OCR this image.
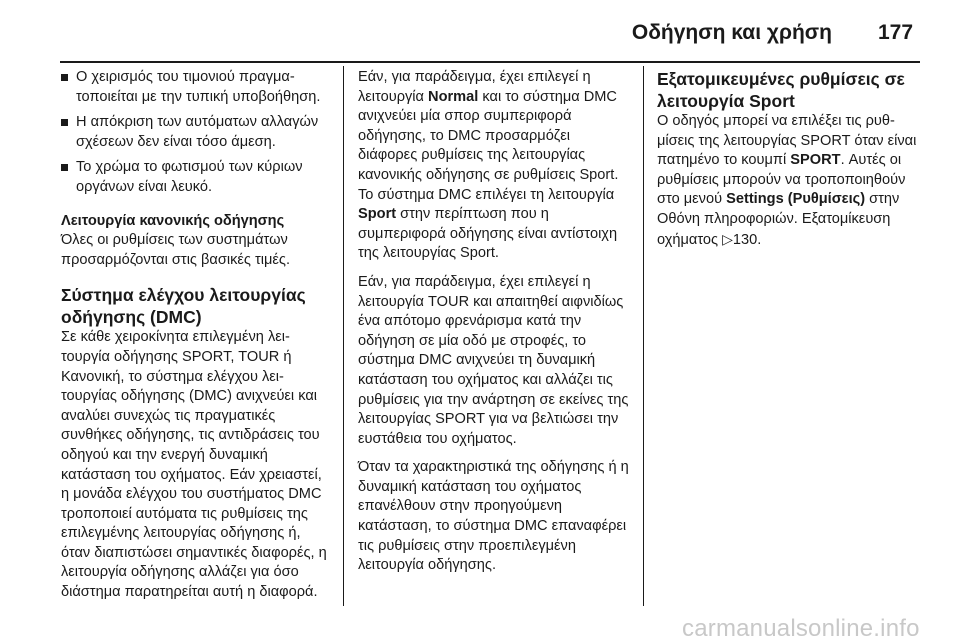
Οδήγηση και χρήση 177
Ο χειρισμός του τιμονιού πραγματοποιείται με την τυπική υποβοήθηση.
Η απόκριση των αυτόματων αλλαγών σχέσεων δεν είναι τόσο άμεση.
Το χρώμα το φωτισμού των κύριων οργάνων είναι λευκό.
Λειτουργία κανονικής οδήγησης

Όλες οι ρυθμίσεις των συστημάτων προσαρμόζονται στις βασικές τιμές.

Σύστημα ελέγχου λειτουργίας οδήγησης (DMC)

Σε κάθε χειροκίνητα επιλεγμένη λειτουργία οδήγησης SPORT, TOUR ή Κανονική, το σύστημα ελέγχου λειτουργίας οδήγησης (DMC) ανιχνεύει και αναλύει συνεχώς τις πραγματικές συνθήκες οδήγησης, τις αντιδράσεις του οδηγού και την ενεργή δυναμική κατάσταση του οχήματος. Εάν χρειαστεί, η μονάδα ελέγχου του συστήματος DMC τροποποιεί αυτόματα τις ρυθμίσεις της επιλεγμένης λειτουργίας οδήγησης ή, όταν διαπιστώσει σημαντικές διαφορές, η λειτουργία οδήγησης αλλάζει για όσο διάστημα παρατηρείται αυτή η διαφορά.

Εάν, για παράδειγμα, έχει επιλεγεί η λειτουργία Normal και το σύστημα DMC ανιχνεύει μία σπορ συμπεριφορά οδήγησης, το DMC προσαρμόζει διάφορες ρυθμίσεις της λειτουργίας κανονικής οδήγησης σε ρυθμίσεις Sport. Το σύστημα DMC επιλέγει τη λειτουργία Sport στην περίπτωση που η συμπεριφορά οδήγησης είναι αντίστοιχη της λειτουργίας Sport.

Εάν, για παράδειγμα, έχει επιλεγεί η λειτουργία TOUR και απαιτηθεί αιφνιδίως ένα απότομο φρενάρισμα κατά την οδήγηση σε μία οδό με στροφές, το σύστημα DMC ανιχνεύει τη δυναμική κατάσταση του οχήματος και αλλάζει τις ρυθμίσεις για την ανάρτηση σε εκείνες της λειτουργίας SPORT για να βελτιώσει την ευστάθεια του οχήματος.

Όταν τα χαρακτηριστικά της οδήγησης ή η δυναμική κατάσταση του οχήματος επανέλθουν στην προηγούμενη κατάσταση, το σύστημα DMC επαναφέρει τις ρυθμίσεις στην προεπιλεγμένη λειτουργία οδήγησης.

Εξατομικευμένες ρυθμίσεις σε λειτουργία Sport

Ο οδηγός μπορεί να επιλέξει τις ρυθμίσεις της λειτουργίας SPORT όταν είναι πατημένο το κουμπί SPORT. Αυτές οι ρυθμίσεις μπορούν να τροποποιηθούν στο μενού Settings (Ρυθμίσεις) στην Οθόνη πληροφοριών. Εξατομίκευση οχήματος ▷130.

carmanualsonline.info
